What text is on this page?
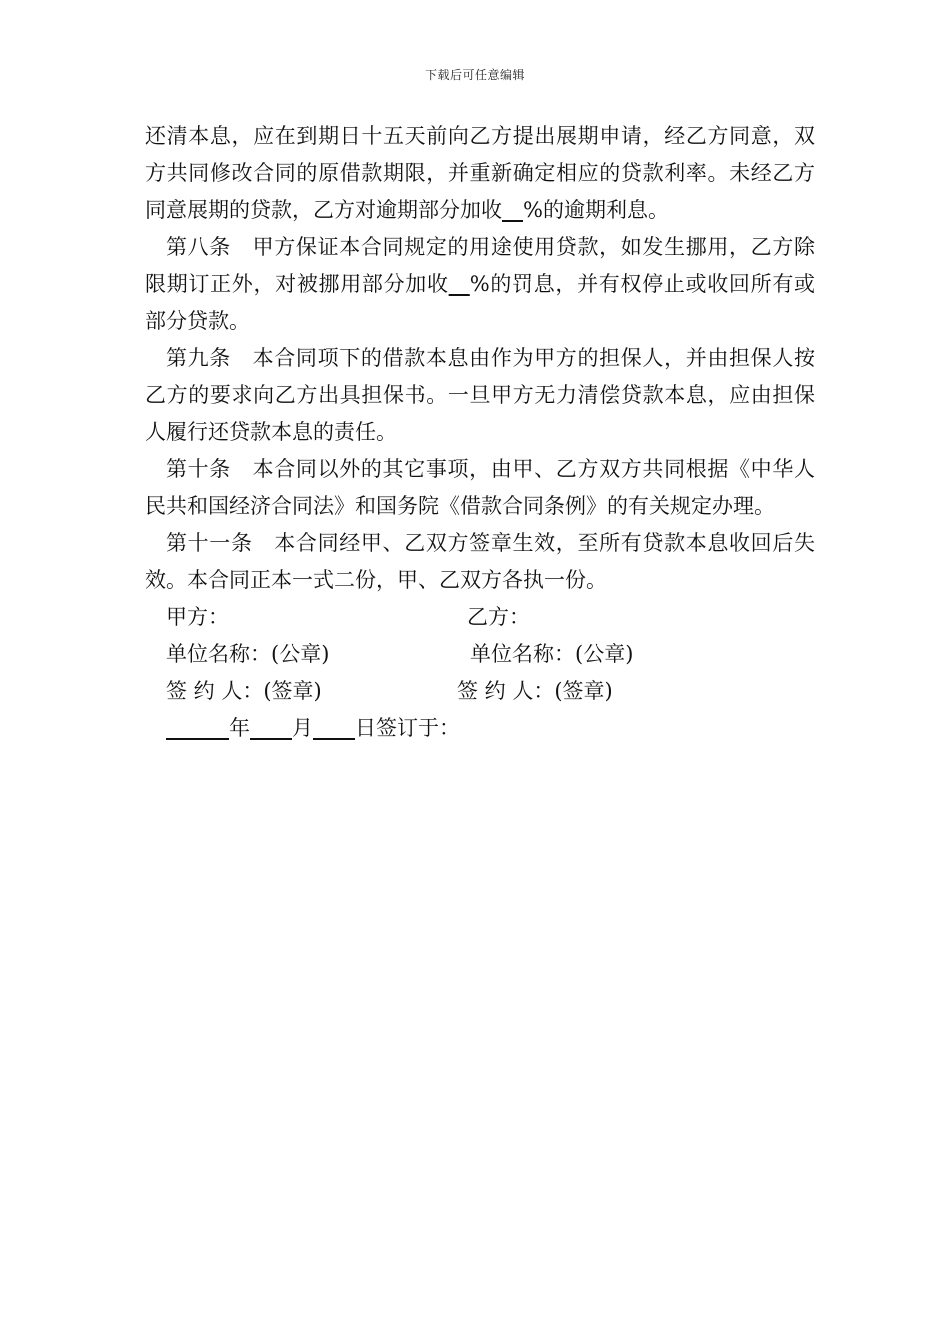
下载后可任意编辑

还清本息，应在到期日十五天前向乙方提出展期申请，经乙方同意，双方共同修改合同的原借款期限，并重新确定相应的贷款利率。未经乙方同意展期的贷款，乙方对逾期部分加收__%的逾期利息。

第八条　甲方保证本合同规定的用途使用贷款，如发生挪用，乙方除限期订正外，对被挪用部分加收__%的罚息，并有权停止或收回所有或部分贷款。

第九条　本合同项下的借款本息由作为甲方的担保人，并由担保人按乙方的要求向乙方出具担保书。一旦甲方无力清偿贷款本息，应由担保人履行还贷款本息的责任。

第十条　本合同以外的其它事项，由甲、乙方双方共同根据《中华人民共和国经济合同法》和国务院《借款合同条例》的有关规定办理。

第十一条　本合同经甲、乙双方签章生效，至所有贷款本息收回后失效。本合同正本一式二份，甲、乙双方各执一份。

甲方：	乙方：
单位名称：(公章)	单位名称：(公章)
签 约 人：(签章)	签 约 人：(签章)
______年____月____日签订于：
